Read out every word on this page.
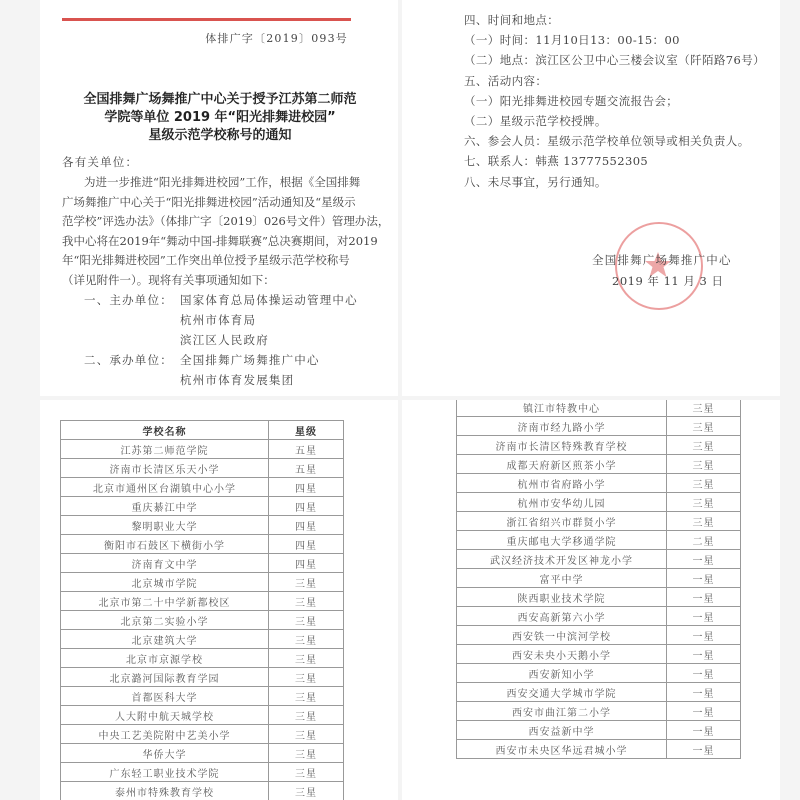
体排广字〔2019〕093号
全国排舞广场舞推广中心关于授予江苏第二师范
学院等单位 2019 年“阳光排舞进校园”
星级示范学校称号的通知
各有关单位：
为进一步推进“阳光排舞进校园”工作，根据《全国排舞
广场舞推广中心关于“阳光排舞进校园”活动通知及“星级示
范学校”评选办法》（体排广字〔2019〕026号文件）管理办法，
我中心将在2019年“舞动中国-排舞联赛”总决赛期间，对2019
年“阳光排舞进校园”工作突出单位授予星级示范学校称号
（详见附件一）。现将有关事项通知如下：
一、主办单位： 国家体育总局体操运动管理中心
杭州市体育局
滨江区人民政府
二、承办单位： 全国排舞广场舞推广中心
杭州市体育发展集团
四、时间和地点：
（一）时间：11月10日13：00-15：00
（二）地点：滨江区公卫中心三楼会议室（阡陌路76号）
五、活动内容：
（一）阳光排舞进校园专题交流报告会；
（二）星级示范学校授牌。
六、参会人员：星级示范学校单位领导或相关负责人。
七、联系人：韩燕 13777552305
八、未尽事宜，另行通知。
全国排舞广场舞推广中心
2019 年 11 月 3 日
学校名称	星级
江苏第二师范学院	五星
济南市长清区乐天小学	五星
北京市通州区台湖镇中心小学	四星
重庆綦江中学	四星
黎明职业大学	四星
衡阳市石鼓区下横街小学	四星
济南育文中学	四星
北京城市学院	三星
北京市第二十中学新都校区	三星
北京第二实验小学	三星
北京建筑大学	三星
北京市京源学校	三星
北京潞河国际教育学园	三星
首都医科大学	三星
人大附中航天城学校	三星
中央工艺美院附中艺美小学	三星
华侨大学	三星
广东轻工职业技术学院	三星
泰州市特殊教育学校	三星
镇江市特教中心	三星
济南市经九路小学	三星
济南市长清区特殊教育学校	三星
成都天府新区煎茶小学	三星
杭州市省府路小学	三星
杭州市安华幼儿园	三星
浙江省绍兴市群贤小学	三星
重庆邮电大学移通学院	二星
武汉经济技术开发区神龙小学	一星
富平中学	一星
陕西职业技术学院	一星
西安高新第六小学	一星
西安铁一中滨河学校	一星
西安未央小天鹅小学	一星
西安新知小学	一星
西安交通大学城市学院	一星
西安市曲江第二小学	一星
西安益新中学	一星
西安市未央区华远君城小学	一星
